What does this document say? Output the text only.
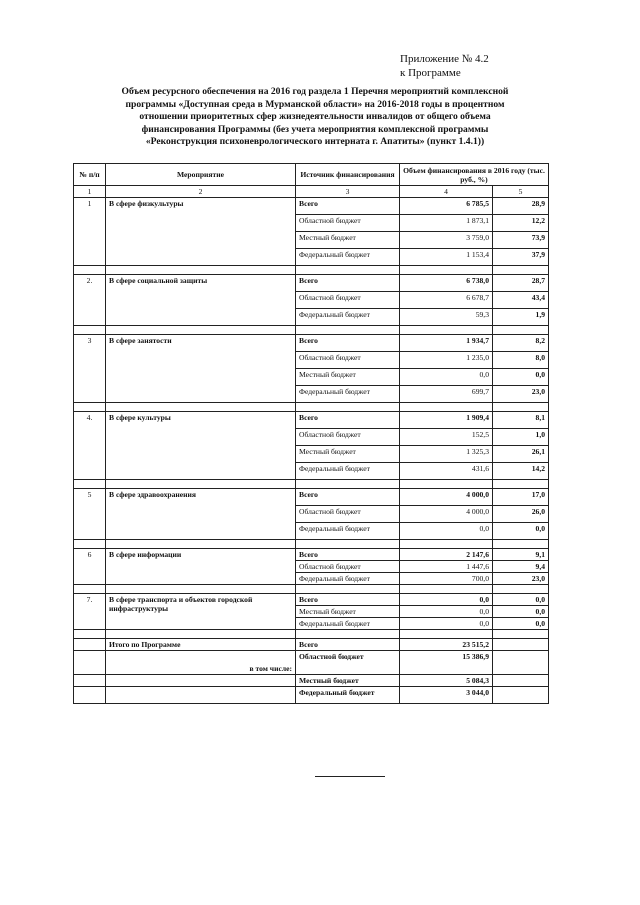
Приложение № 4.2
к Программе
Объем ресурсного обеспечения на 2016 год раздела 1 Перечня мероприятий комплексной
программы «Доступная среда в Мурманской области» на 2016-2018 годы в процентном
отношении приоритетных сфер жизнедеятельности инвалидов от общего объема
финансирования Программы (без учета мероприятия комплексной программы
«Реконструкция психоневрологического интерната г. Апатиты» (пункт 1.4.1))
№ п/п	Мероприятие	Источник финансирования	Объем финансирования в 2016 году (тыс. руб., %)	
1	2	3	4	5
1	В сфере физкультуры	Всего	6 785,5	28,9
		Областной бюджет	1 873,1	12,2
		Местный бюджет	3 759,0	73,9
		Федеральный бюджет	1 153,4	37,9

2.	В сфере социальной защиты	Всего	6 738,0	28,7
		Областной бюджет	6 678,7	43,4
		Федеральный бюджет	59,3	1,9

3	В сфере занятости	Всего	1 934,7	8,2
		Областной бюджет	1 235,0	8,0
		Местный бюджет	0,0	0,0
		Федеральный бюджет	699,7	23,0

4.	В сфере культуры	Всего	1 909,4	8,1
		Областной бюджет	152,5	1,0
		Местный бюджет	1 325,3	26,1
		Федеральный бюджет	431,6	14,2

5	В сфере здравоохранения	Всего	4 000,0	17,0
		Областной бюджет	4 000,0	26,0
		Федеральный бюджет	0,0	0,0

6	В сфере информации	Всего	2 147,6	9,1
		Областной бюджет	1 447,6	9,4
		Федеральный бюджет	700,0	23,0

7.	В сфере транспорта и объектов городской инфраструктуры	Всего	0,0	0,0
		Местный бюджет	0,0	0,0
		Федеральный бюджет	0,0	0,0

	Итого по Программе	Всего	23 515,2	
	в том числе:	Областной бюджет	15 386,9	
		Местный бюджет	5 084,3	
		Федеральный бюджет	3 044,0	
